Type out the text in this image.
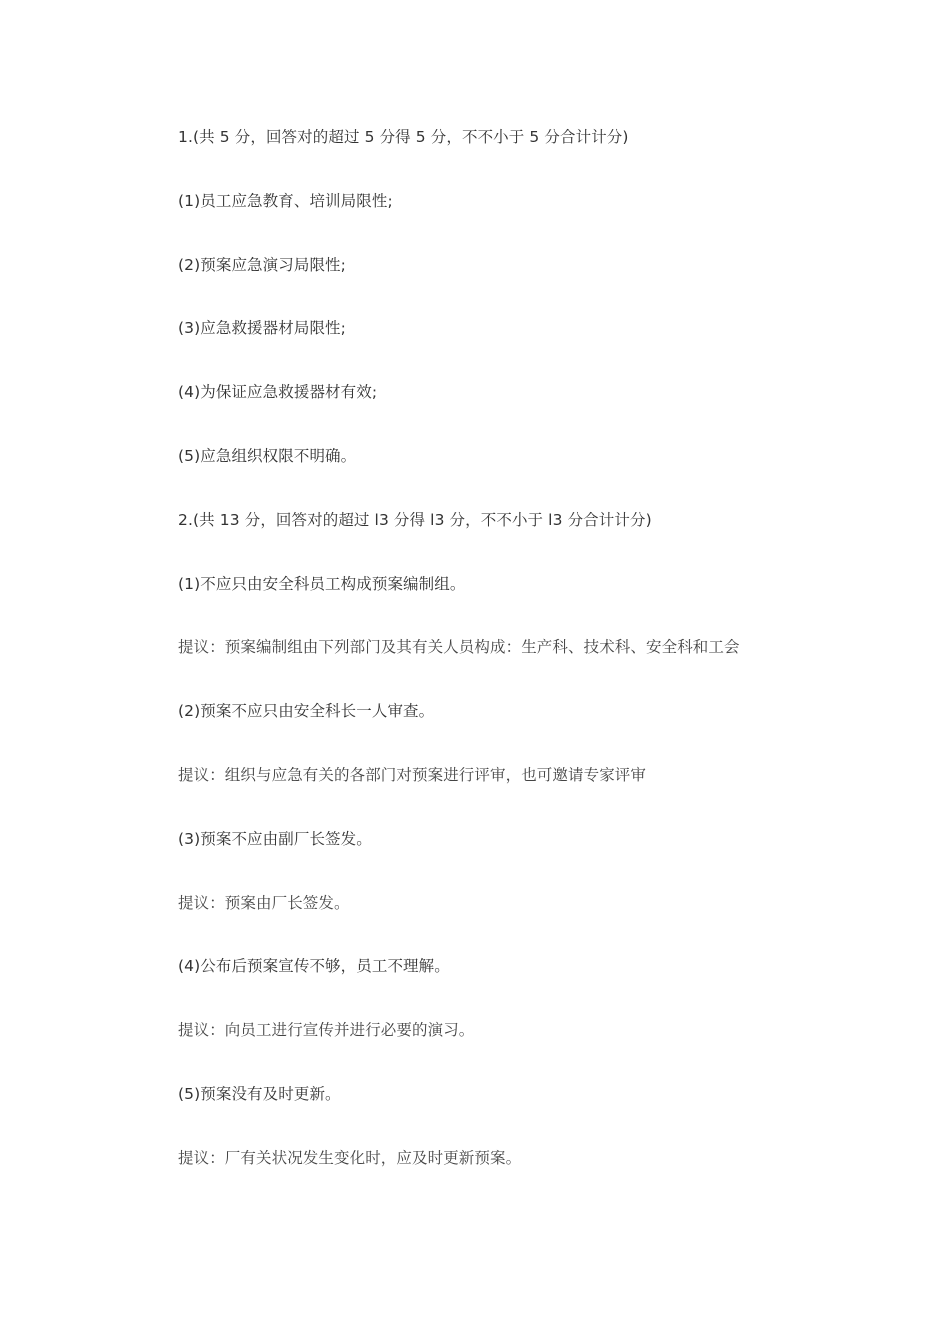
1.(共 5 分，回答对的超过 5 分得 5 分，不不小于 5 分合计计分)

(1)员工应急教育、培训局限性;

(2)预案应急演习局限性;

(3)应急救援器材局限性;

(4)为保证应急救援器材有效;

(5)应急组织权限不明确。

2.(共 13 分，回答对的超过 l3 分得 l3 分，不不小于 l3 分合计计分)

(1)不应只由安全科员工构成预案编制组。

提议：预案编制组由下列部门及其有关人员构成：生产科、技术科、安全科和工会

(2)预案不应只由安全科长一人审查。

提议：组织与应急有关的各部门对预案进行评审，也可邀请专家评审

(3)预案不应由副厂长签发。

提议：预案由厂长签发。

(4)公布后预案宣传不够，员工不理解。

提议：向员工进行宣传并进行必要的演习。

(5)预案没有及时更新。

提议：厂有关状况发生变化时，应及时更新预案。
